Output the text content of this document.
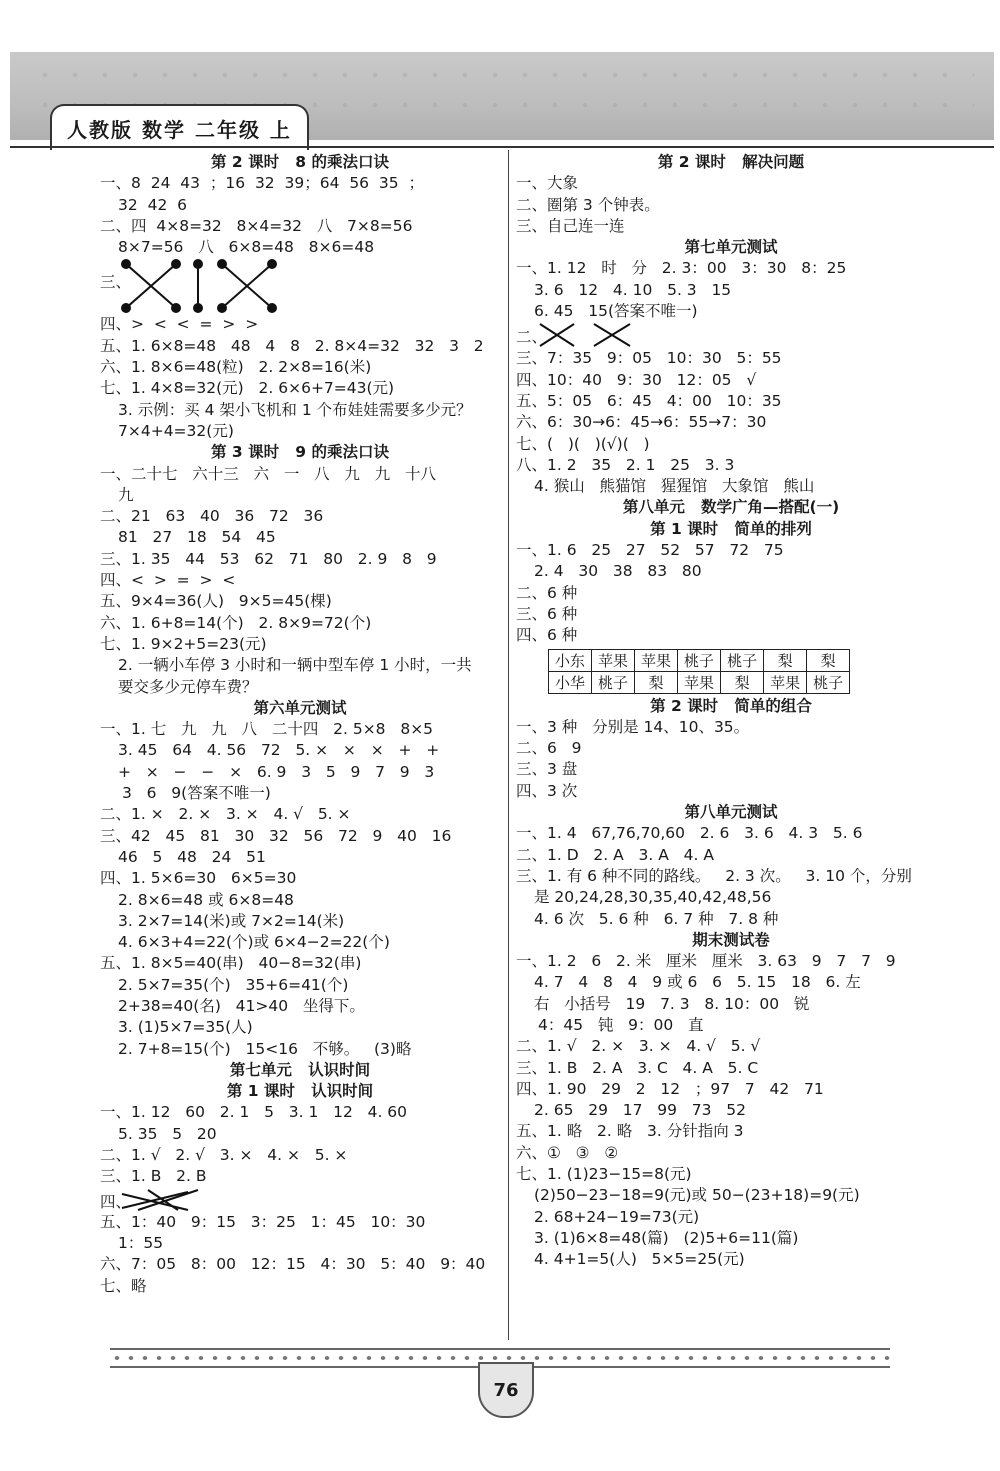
人教版 数学 二年级 上
第 2 课时   8 的乘法口诀
一、8  24  43  ；16  32  39；64  56  35  ；
32  42  6
二、四  4×8=32   8×4=32   八   7×8=56
8×7=56   八   6×8=48   8×6=48
三、
四、>  <  <  =  >  >
五、1. 6×8=48   48   4   8   2. 8×4=32   32   3   2
六、1. 8×6=48(粒)   2. 2×8=16(米)
七、1. 4×8=32(元)   2. 6×6+7=43(元)
3. 示例：买 4 架小飞机和 1 个布娃娃需要多少元？
7×4+4=32(元)
第 3 课时   9 的乘法口诀
一、二十七   六十三   六   一   八   九   九   十八
九
二、21   63   40   36   72   36
81   27   18   54   45
三、1. 35   44   53   62   71   80   2. 9   8   9
四、<  >  =  >  <
五、9×4=36(人)   9×5=45(棵)
六、1. 6+8=14(个)   2. 8×9=72(个)
七、1. 9×2+5=23(元)
2. 一辆小车停 3 小时和一辆中型车停 1 小时，一共
要交多少元停车费？
第六单元测试
一、1. 七   九   九   八   二十四   2. 5×8   8×5
3. 45   64   4. 56   72   5. ×   ×   ×   +   +
+   ×   −   −   ×   6. 9   3   5   9   7   9   3
3   6   9(答案不唯一)
二、1. ×   2. ×   3. ×   4. √   5. ×
三、42   45   81   30   32   56   72   9   40   16
46   5   48   24   51
四、1. 5×6=30   6×5=30
2. 8×6=48 或 6×8=48
3. 2×7=14(米)或 7×2=14(米)
4. 6×3+4=22(个)或 6×4−2=22(个)
五、1. 8×5=40(串)   40−8=32(串)
2. 5×7=35(个)   35+6=41(个)
2+38=40(名)   41>40   坐得下。
3. (1)5×7=35(人)
2. 7+8=15(个)   15<16   不够。   (3)略
第七单元   认识时间
第 1 课时   认识时间
一、1. 12   60   2. 1   5   3. 1   12   4. 60
5. 35   5   20
二、1. √   2. √   3. ×   4. ×   5. ×
三、1. B   2. B
四、
五、1：40   9：15   3：25   1：45   10：30
1：55
六、7：05   8：00   12：15   4：30   5：40   9：40
七、略
第 2 课时   解决问题
一、大象
二、圈第 3 个钟表。
三、自己连一连
第七单元测试
一、1. 12   时   分   2. 3：00   3：30   8：25
3. 6   12   4. 10   5. 3   15
6. 45   15(答案不唯一)
二、
三、7：35   9：05   10：30   5：55
四、10：40   9：30   12：05   √
五、5：05   6：45   4：00   10：35
六、6：30→6：45→6：55→7：30
七、(   )(   )(√)(   )
八、1. 2   35   2. 1   25   3. 3
4. 猴山   熊猫馆   猩猩馆   大象馆   熊山
第八单元   数学广角—搭配(一)
第 1 课时   简单的排列
一、1. 6   25   27   52   57   72   75
2. 4   30   38   83   80
二、6 种
三、6 种
四、6 种
小东	苹果	苹果	桃子	桃子	梨	梨
小华	桃子	梨	苹果	梨	苹果	桃子
第 2 课时   简单的组合
一、3 种   分别是 14、10、35。
二、6   9
三、3 盘
四、3 次
第八单元测试
一、1. 4   67,76,70,60   2. 6   3. 6   4. 3   5. 6
二、1. D   2. A   3. A   4. A
三、1. 有 6 种不同的路线。   2. 3 次。   3. 10 个，分别
是 20,24,28,30,35,40,42,48,56
4. 6 次   5. 6 种   6. 7 种   7. 8 种
期末测试卷
一、1. 2   6   2. 米   厘米   厘米   3. 63   9   7   7   9
4. 7   4   8   4   9 或 6   6   5. 15   18   6. 左
右   小括号   19   7. 3   8. 10：00   锐
4：45   钝   9：00   直
二、1. √   2. ×   3. ×   4. √   5. √
三、1. B   2. A   3. C   4. A   5. C
四、1. 90   29   2   12   ；97   7   42   71
2. 65   29   17   99   73   52
五、1. 略   2. 略   3. 分针指向 3
六、①   ③   ②
七、1. (1)23−15=8(元)
(2)50−23−18=9(元)或 50−(23+18)=9(元)
2. 68+24−19=73(元)
3. (1)6×8=48(篇)   (2)5+6=11(篇)
4. 4+1=5(人)   5×5=25(元)
76
